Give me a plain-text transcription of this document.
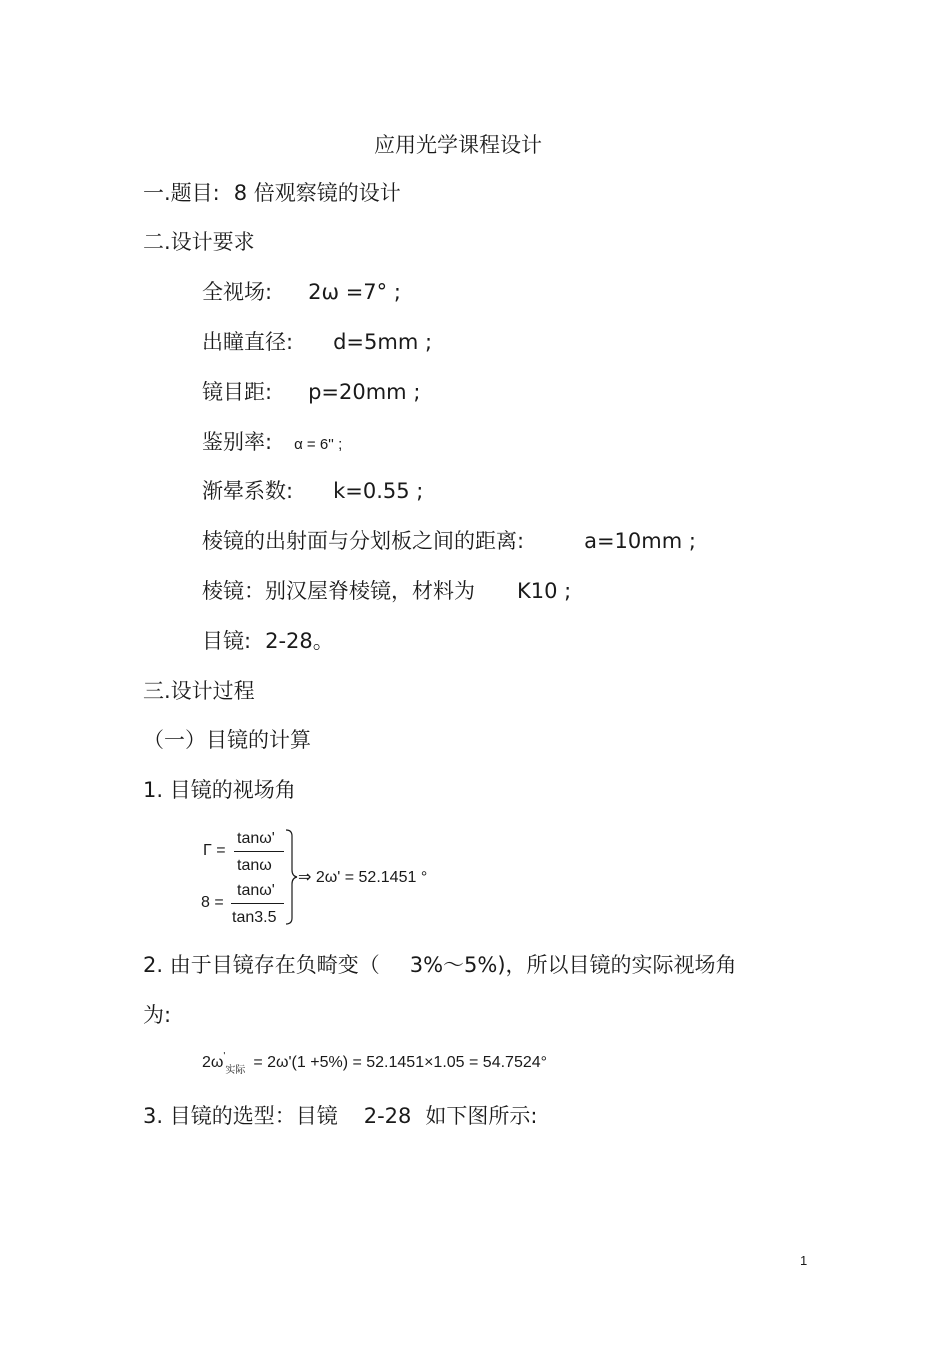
应用光学课程设计
一.题目: 8 倍观察镜的设计
二.设计要求
全视场: 2ω =7° ;
出瞳直径: d=5mm ;
镜目距: p=20mm ;
鉴别率: α = 6'' ;
渐晕系数: k=0.55 ;
棱镜的出射面与分划板之间的距离:	a=10mm ;
棱镜：别汉屋脊棱镜，材料为 K10 ;
目镜: 2-28。
三.设计过程
（一）目镜的计算
1. 目镜的视场角
Γ =
tanω'
tanω
8 =
tanω'
tan3.5
⇒ 2ω' = 52.1451 °
2. 由于目镜存在负畸变（ 3%～5%)，所以目镜的实际视场角
为:
$2\omega'_{实际} = 2\omega'(1 +5\%) = 52.1451\times 1.05 = 54.7524^\circ$
3. 目镜的选型：目镜 2-28 如下图所示:
1
